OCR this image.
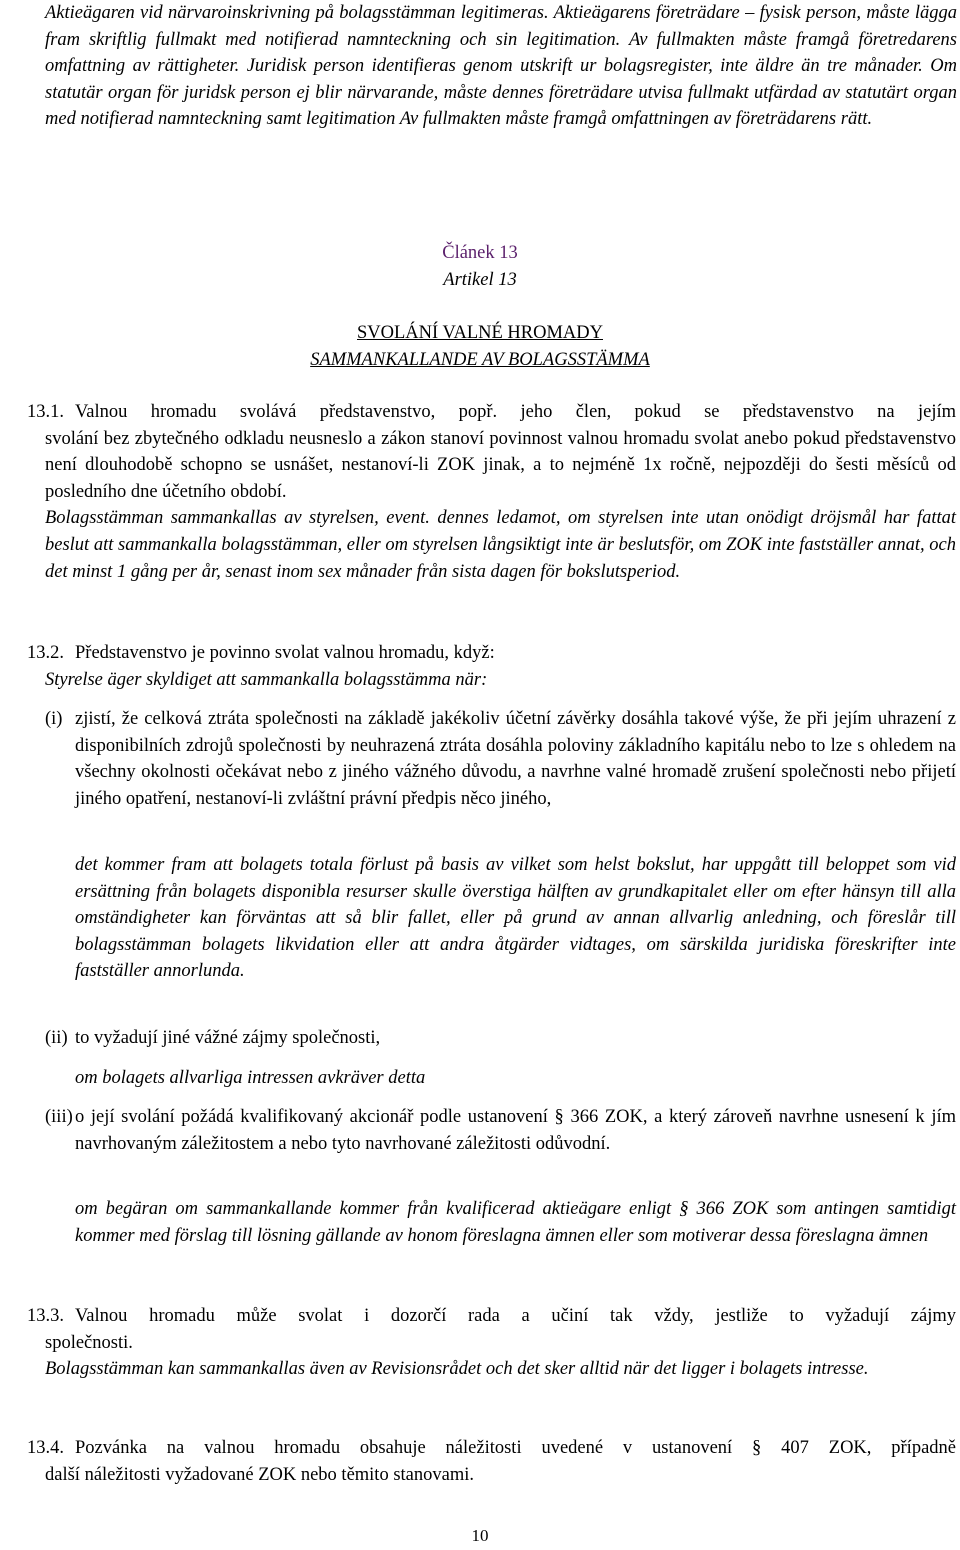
Aktieägaren vid närvaroinskrivning på bolagsstämman legitimeras. Aktieägarens företrädare – fysisk person, måste lägga fram skriftlig fullmakt med notifierad namnteckning och sin legitimation. Av fullmakten måste framgå företredarens omfattning av rättigheter. Juridisk person identifieras genom utskrift ur bolagsregister, inte äldre än tre månader. Om statutär organ för juridsk person ej blir närvarande, måste dennes företrädare utvisa fullmakt utfärdad av statutärt organ med notifierad namnteckning samt legitimation Av fullmakten måste framgå omfattningen av företrädarens rätt.
Článek 13
Artikel 13
SVOLÁNÍ VALNÉ HROMADY
SAMMANKALLANDE AV BOLAGSSTÄMMA
13.1. Valnou hromadu svolává představenstvo, popř. jeho člen, pokud se představenstvo na jejím
svolání bez zbytečného odkladu neusneslo a zákon stanoví povinnost valnou hromadu svolat anebo pokud představenstvo není dlouhodobě schopno se usnášet, nestanoví-li ZOK jinak, a to nejméně 1x ročně, nejpozději do šesti měsíců od posledního dne účetního období.
Bolagsstämman sammankallas av styrelsen, event. dennes ledamot, om styrelsen inte utan onödigt dröjsmål har fattat beslut att sammankalla bolagsstämman, eller om styrelsen långsiktigt inte är beslutsför, om ZOK inte fastställer annat, och det minst 1 gång per år, senast inom sex månader från sista dagen för bokslutsperiod.
13.2. Představenstvo je povinno svolat valnou hromadu, když:
Styrelse äger skyldiget att sammankalla bolagsstämma när:
(i) zjistí, že celková ztráta společnosti na základě jakékoliv účetní závěrky dosáhla takové výše, že při jejím uhrazení z disponibilních zdrojů společnosti by neuhrazená ztráta dosáhla poloviny základního kapitálu nebo to lze s ohledem na všechny okolnosti očekávat nebo z jiného vážného důvodu, a navrhne valné hromadě zrušení společnosti nebo přijetí jiného opatření, nestanoví-li zvláštní právní předpis něco jiného,
det kommer fram att bolagets totala förlust på basis av vilket som helst bokslut, har uppgått till beloppet som vid ersättning från bolagets disponibla resurser skulle överstiga hälften av grundkapitalet eller om efter hänsyn till alla omständigheter kan förväntas att så blir fallet, eller på grund av annan allvarlig anledning, och föreslår till bolagsstämman bolagets likvidation eller att andra åtgärder vidtages, om särskilda juridiska föreskrifter inte fastställer annorlunda.
(ii) to vyžadují jiné vážné zájmy společnosti,
om bolagets allvarliga intressen avkräver detta
(iii) o její svolání požádá kvalifikovaný akcionář podle ustanovení § 366 ZOK, a který zároveň navrhne usnesení k jím navrhovaným záležitostem a nebo tyto navrhované záležitosti odůvodní.
om begäran om sammankallande kommer från kvalificerad aktieägare enligt § 366 ZOK som antingen samtidigt kommer med förslag till lösning gällande av honom föreslagna ämnen eller som motiverar dessa föreslagna ämnen
13.3. Valnou hromadu může svolat i dozorčí rada a učiní tak vždy, jestliže to vyžadují zájmy
společnosti.
Bolagsstämman kan sammankallas även av Revisionsrådet och det sker alltid när det ligger i bolagets intresse.
13.4. Pozvánka na valnou hromadu obsahuje náležitosti uvedené v ustanovení § 407 ZOK, případně
další náležitosti vyžadované ZOK nebo těmito stanovami.
10
